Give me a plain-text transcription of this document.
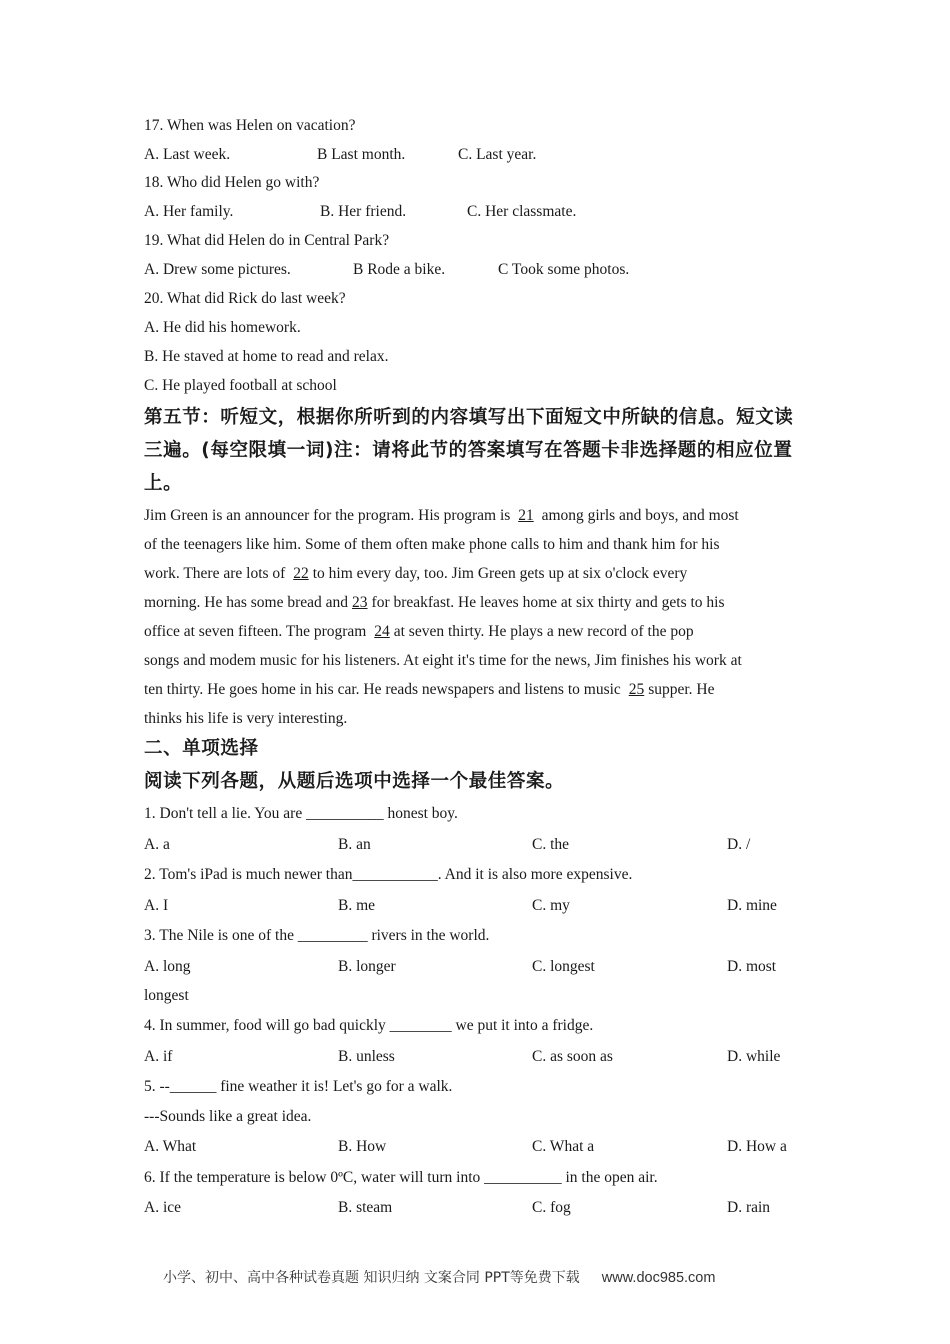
17. When was Helen on vacation?
A. Last week.	B Last month.	C. Last year.
18. Who did Helen go with?
A. Her family.	B. Her friend.	C. Her classmate.
19. What did Helen do in Central Park?
A. Drew some pictures.	B Rode a bike.	C Took some photos.
20. What did Rick do last week?
A. He did his homework.
B. He staved at home to read and relax.
C. He played football at school
第五节：听短文，根据你所听到的内容填写出下面短文中所缺的信息。短文读
三遍。(每空限填一词)注：请将此节的答案填写在答题卡非选择题的相应位置
上。
Jim Green is an announcer for the program. His program is 21 among girls and boys, and most
of the teenagers like him. Some of them often make phone calls to him and thank him for his
work. There are lots of 22 to him every day, too. Jim Green gets up at six o'clock every
morning. He has some bread and 23 for breakfast. He leaves home at six thirty and gets to his
office at seven fifteen. The program 24 at seven thirty. He plays a new record of the pop
songs and modem music for his listeners. At eight it's time for the news, Jim finishes his work at
ten thirty. He goes home in his car. He reads newspapers and listens to music 25 supper. He
thinks his life is very interesting.
二、单项选择
阅读下列各题，从题后选项中选择一个最佳答案。
1. Don't tell a lie. You are __________ honest boy.
A. a	B. an	C. the	D. /
2. Tom's iPad is much newer than___________. And it is also more expensive.
A. I	B. me	C. my	D. mine
3. The Nile is one of the _________ rivers in the world.
A. long	B. longer	C. longest	D. most
longest
4. In summer, food will go bad quickly ________ we put it into a fridge.
A. if	B. unless	C. as soon as	D. while
5. --______ fine weather it is! Let's go for a walk.
---Sounds like a great idea.
A. What	B. How	C. What a	D. How a
6. If the temperature is below 0ºC, water will turn into __________ in the open air.
A. ice	B. steam	C. fog	D. rain
小学、初中、高中各种试卷真题 知识归纳 文案合同 PPT等免费下载 www.doc985.com
